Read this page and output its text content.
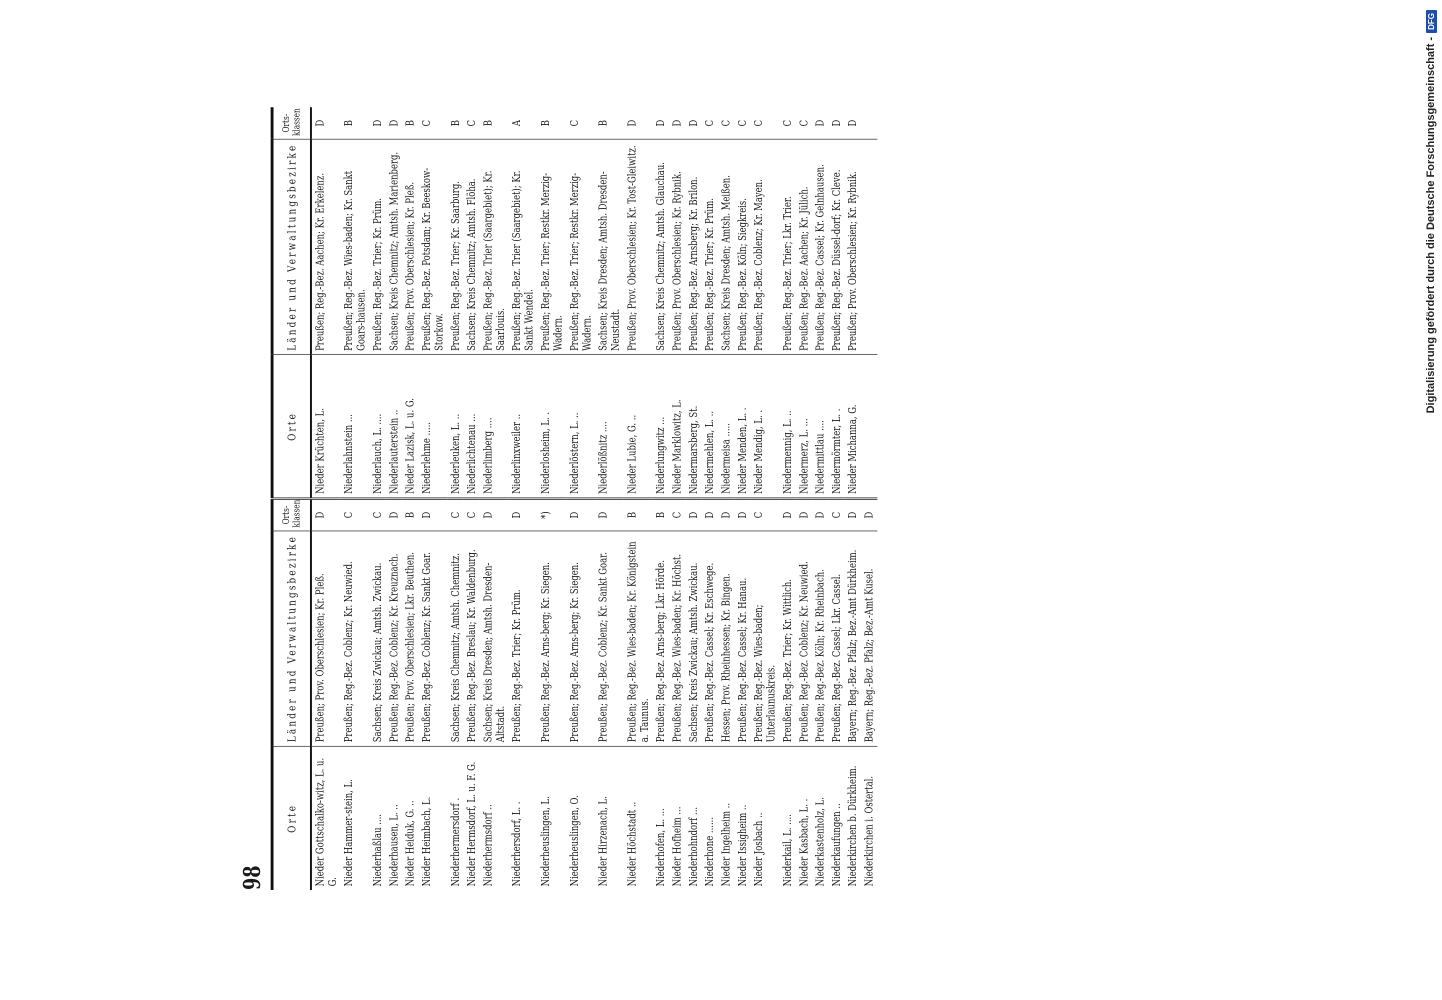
Digitalisierung gefördert durch die Deutsche Forschungsgemeinschaft -
DFG
98
Orte	Länder und Verwaltungsbezirke	Orts-klassen	Orte	Länder und Verwaltungsbezirke	Orts-klassen
Nieder Gottschalko-witz, L. u. G.	Preußen; Prov. Oberschlesien; Kr. Pleß.	D	Nieder Krüchten, L.	Preußen; Reg.-Bez. Aachen; Kr. Erkelenz.	D
Nieder Hammer-stein, L.	Preußen; Reg.-Bez. Coblenz; Kr. Neuwied.	C	Niederlahnstein ...	Preußen; Reg.-Bez. Wies-baden; Kr. Sankt Goars-hausen.	B
Niederhaßlau ....	Sachsen; Kreis Zwickau; Amtsh. Zwickau.	C	Niederlauch, L. ....	Preußen; Reg.-Bez. Trier; Kr. Prüm.	D
Niederhausen, L. ..	Preußen; Reg.-Bez. Coblenz; Kr. Kreuznach.	D	Niederlauterstein ..	Sachsen; Kreis Chemnitz; Amtsh. Marienberg.	D
Nieder Heiduk, G. ..	Preußen; Prov. Oberschlesien; Lkr. Beuthen.	B	Nieder Lazisk, L. u. G.	Preußen; Prov. Oberschlesien; Kr. Pleß.	B
Nieder Heimbach, L.	Preußen; Reg.-Bez. Coblenz; Kr. Sankt Goar.	D	Niederlehme .....	Preußen; Reg.-Bez. Potsdam; Kr. Beeskow-Storkow.	C
Niederhermersdorf .	Sachsen; Kreis Chemnitz; Amtsh. Chemnitz.	C	Niederleuken, L. ..	Preußen; Reg.-Bez. Trier; Kr. Saarburg.	B
Nieder Hermsdorf, L. u. F. G.	Preußen; Reg.-Bez. Breslau; Kr. Waldenburg.	C	Niederlichtenau ...	Sachsen; Kreis Chemnitz; Amtsh. Flöha.	C
Niederhermsdorf ..	Sachsen; Kreis Dresden; Amtsh. Dresden-Altstadt.	D	Niederlimberg ....	Preußen; Reg.-Bez. Trier (Saargebiet); Kr. Saarlouis.	B
Niederhersdorf, L. .	Preußen; Reg.-Bez. Trier; Kr. Prüm.	D	Niederlinxweiler ..	Preußen; Reg.-Bez. Trier (Saargebiet); Kr. Sankt Wendel.	A
Niederheuslingen, L.	Preußen; Reg.-Bez. Arns-berg; Kr. Siegen.	*)	Niederlosheim, L. .	Preußen; Reg.-Bez. Trier; Restkr. Merzig-Wadern.	B
Niederheuslingen, O.	Preußen; Reg.-Bez. Arns-berg; Kr. Siegen.	D	Niederlöstern, L. ..	Preußen; Reg.-Bez. Trier; Restkr. Merzig-Wadern.	C
Nieder Hirzenach, L.	Preußen; Reg.-Bez. Coblenz; Kr. Sankt Goar.	D	Niederlößnitz ....	Sachsen; Kreis Dresden; Amtsh. Dresden-Neustadt.	B
Nieder Höchstadt ..	Preußen; Reg.-Bez. Wies-baden; Kr. Königstein a. Taunus.	B	Nieder Lubie, G. ..	Preußen; Prov. Oberschlesien; Kr. Tost-Gleiwitz.	D
Niederhofen, L. ...	Preußen; Reg.-Bez. Arns-berg; Lkr. Hörde.	B	Niederlungwitz ...	Sachsen; Kreis Chemnitz; Amtsh. Glauchau.	D
Nieder Hofheim ...	Preußen; Reg.-Bez. Wies-baden; Kr. Höchst.	C	Nieder Marklowitz, L.	Preußen; Prov. Oberschlesien; Kr. Rybnik.	D
Niederhohndorf ...	Sachsen; Kreis Zwickau; Amtsh. Zwickau.	D	Niedermarsberg, St.	Preußen; Reg.-Bez. Arnsberg; Kr. Brilon.	D
Niederhone ......	Preußen; Reg.-Bez. Cassel; Kr. Eschwege.	D	Niedermehlen, L. ..	Preußen; Reg.-Bez. Trier; Kr. Prüm.	C
Nieder Ingelheim ..	Hessen; Prov. Rheinhessen; Kr. Bingen.	D	Niedermeisa .....	Sachsen; Kreis Dresden; Amtsh. Meißen.	C
Nieder Issigheim ..	Preußen; Reg.-Bez. Cassel; Kr. Hanau.	D	Nieder Menden, L. .	Preußen; Reg.-Bez. Köln; Siegkreis.	C
Nieder Josbach ..	Preußen; Reg.-Bez. Wies-baden; Unterlaunuskreis.	C	Nieder Mendig, L. .	Preußen; Reg.-Bez. Coblenz; Kr. Mayen.	C
Niederkail, L. ....	Preußen; Reg.-Bez. Trier; Kr. Wittlich.	D	Niedermennig, L. ..	Preußen; Reg.-Bez. Trier; Lkr. Trier.	C
Nieder Kasbach, L. .	Preußen; Reg.-Bez. Coblenz; Kr. Neuwied.	D	Niedermerz, L. ...	Preußen; Reg.-Bez. Aachen; Kr. Jülich.	C
Niederkastenholz, L.	Preußen; Reg.-Bez. Köln; Kr. Rheinbach.	D	Niedermittlau ....	Preußen; Reg.-Bez. Cassel; Kr. Gelnhausen.	D
Niederkaufungen ..	Preußen; Reg.-Bez. Cassel; Lkr. Cassel.	C	Niedermörmter, L. .	Preußen; Reg.-Bez. Düssel-dorf; Kr. Cleve.	D
Niederkirchen b. Dürkheim.	Bayern; Reg.-Bez. Pfalz; Bez.-Amt Dürkheim.	D	Nieder Michanna, G.	Preußen; Prov. Oberschlesien; Kr. Rybnik.	D
Niederkirchen i. Ostertal.	Bayern; Reg.-Bez. Pfalz; Bez.-Amt Kusel.	D			
